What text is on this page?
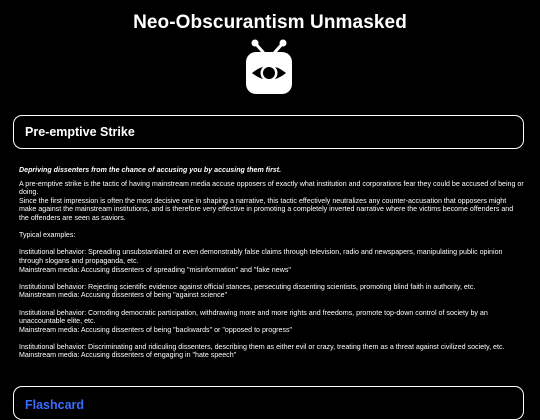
Neo-Obscurantism Unmasked
Pre-emptive Strike

Depriving dissenters from the chance of accusing you by accusing them first.

A pre-emptive strike is the tactic of having mainstream media accuse opposers of exactly what institution and corporations fear they could be accused of being or doing.

Since the first impression is often the most decisive one in shaping a narrative, this tactic effectively neutralizes any counter-accusation that opposers might make against the mainstream institutions, and is therefore very effective in promoting a completely inverted narrative where the victims become offenders and the offenders are seen as saviors.

Typical examples:

Institutional behavior: Spreading unsubstantiated or even demonstrably false claims through television, radio and newspapers, manipulating public opinion through slogans and propaganda, etc.

Mainstream media: Accusing dissenters of spreading "misinformation" and "fake news"

Institutional behavior: Rejecting scientific evidence against official stances, persecuting dissenting scientists, promoting blind faith in authority, etc.

Mainstream media: Accusing dissenters of being "against science"

Institutional behavior: Corroding democratic participation, withdrawing more and more rights and freedoms, promote top-down control of society by an unaccountable elite, etc.

Mainstream media: Accusing dissenters of being "backwards" or "opposed to progress"

Institutional behavior: Discriminating and ridiculing dissenters, describing them as either evil or crazy, treating them as a threat against civilized society, etc.

Mainstream media: Accusing dissenters of engaging in "hate speech"

Flashcard
